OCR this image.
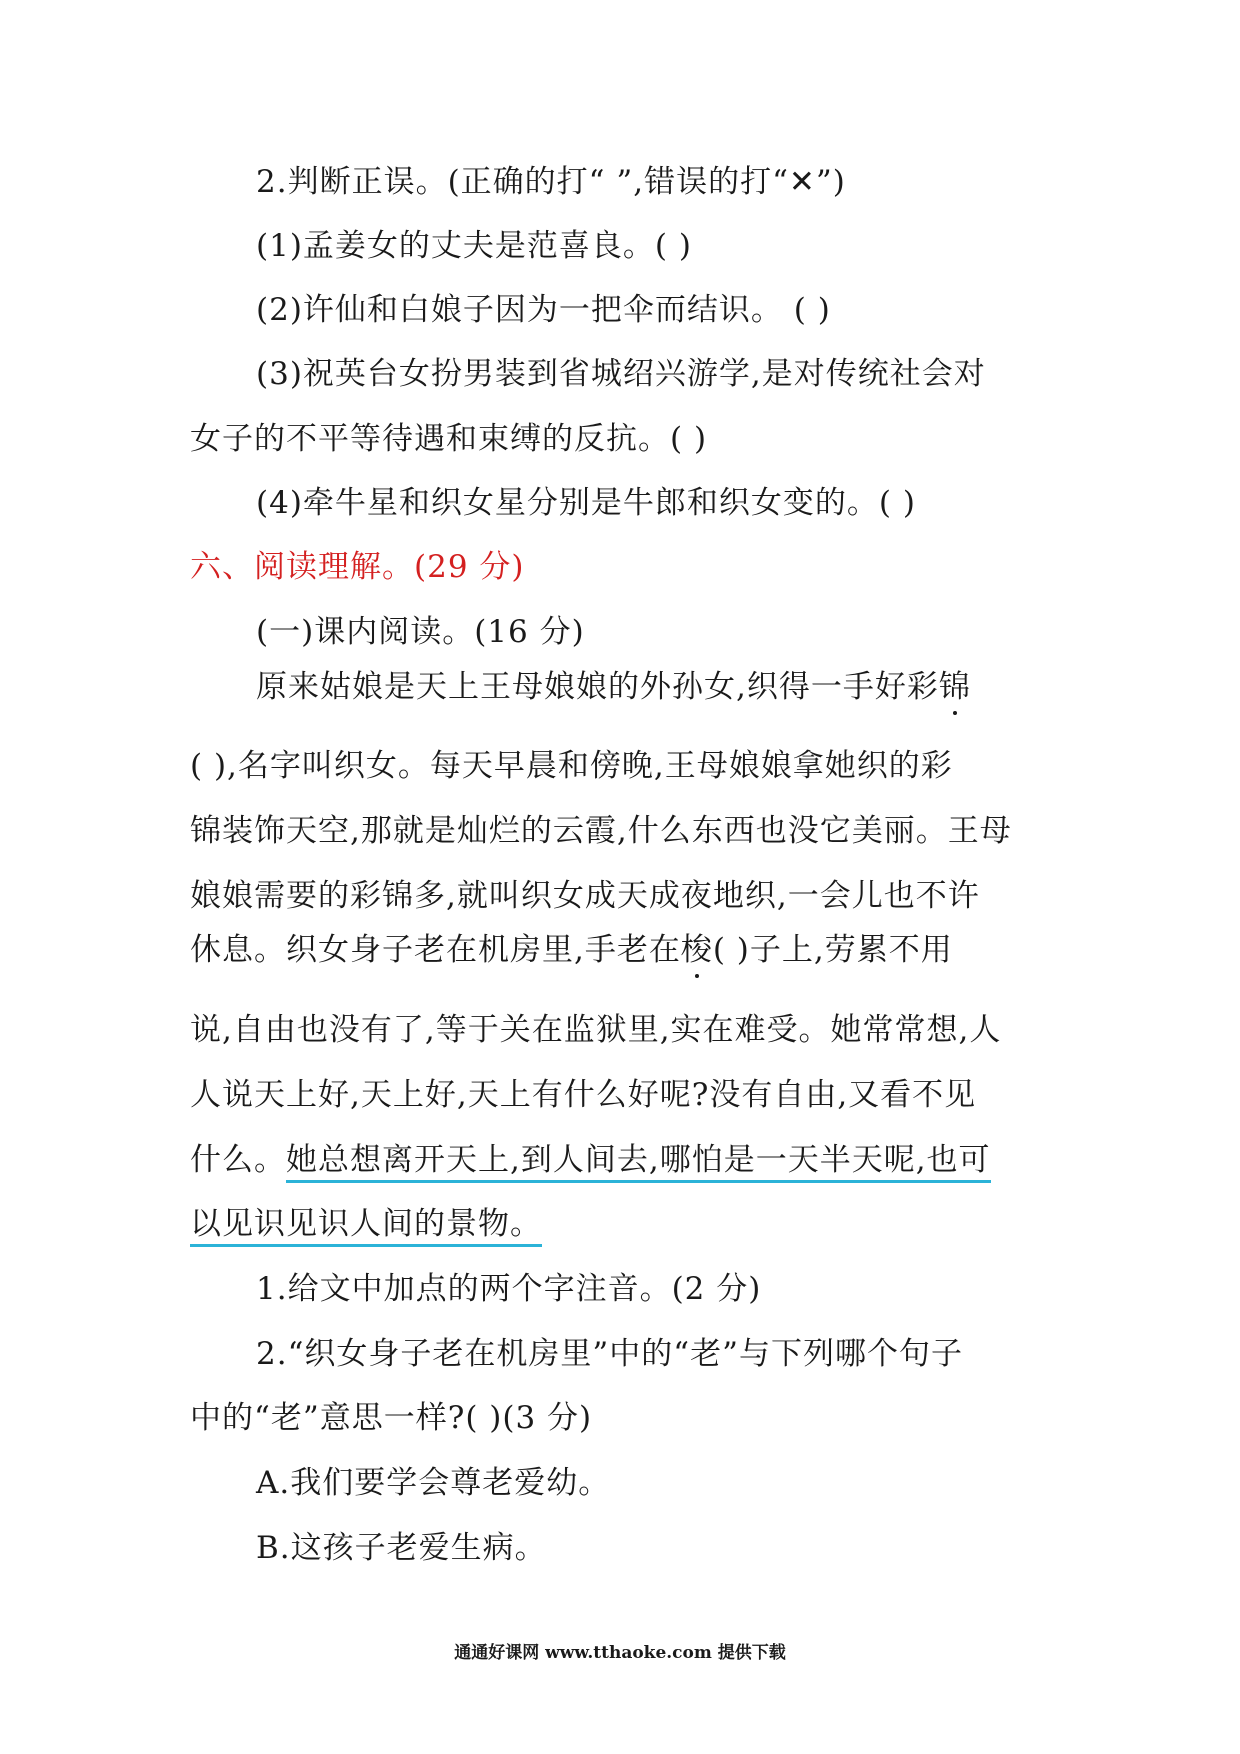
2.判断正误。(正确的打“ ”,错误的打“✕”)
(1)孟姜女的丈夫是范喜良。( )
(2)许仙和白娘子因为一把伞而结识。 ( )
(3)祝英台女扮男装到省城绍兴游学,是对传统社会对
女子的不平等待遇和束缚的反抗。( )
(4)牵牛星和织女星分别是牛郎和织女变的。( )
六、阅读理解。(29 分)
(一)课内阅读。(16 分)
原来姑娘是天上王母娘娘的外孙女,织得一手好彩锦
( ),名字叫织女。每天早晨和傍晚,王母娘娘拿她织的彩
锦装饰天空,那就是灿烂的云霞,什么东西也没它美丽。王母
娘娘需要的彩锦多,就叫织女成天成夜地织,一会儿也不许
休息。织女身子老在机房里,手老在梭( )子上,劳累不用
说,自由也没有了,等于关在监狱里,实在难受。她常常想,人
人说天上好,天上好,天上有什么好呢?没有自由,又看不见
什么。她总想离开天上,到人间去,哪怕是一天半天呢,也可
以见识见识人间的景物。
1.给文中加点的两个字注音。(2 分)
2.“织女身子老在机房里”中的“老”与下列哪个句子
中的“老”意思一样?( )(3 分)
A.我们要学会尊老爱幼。
B.这孩子老爱生病。
通通好课网 www.tthaoke.com 提供下载
